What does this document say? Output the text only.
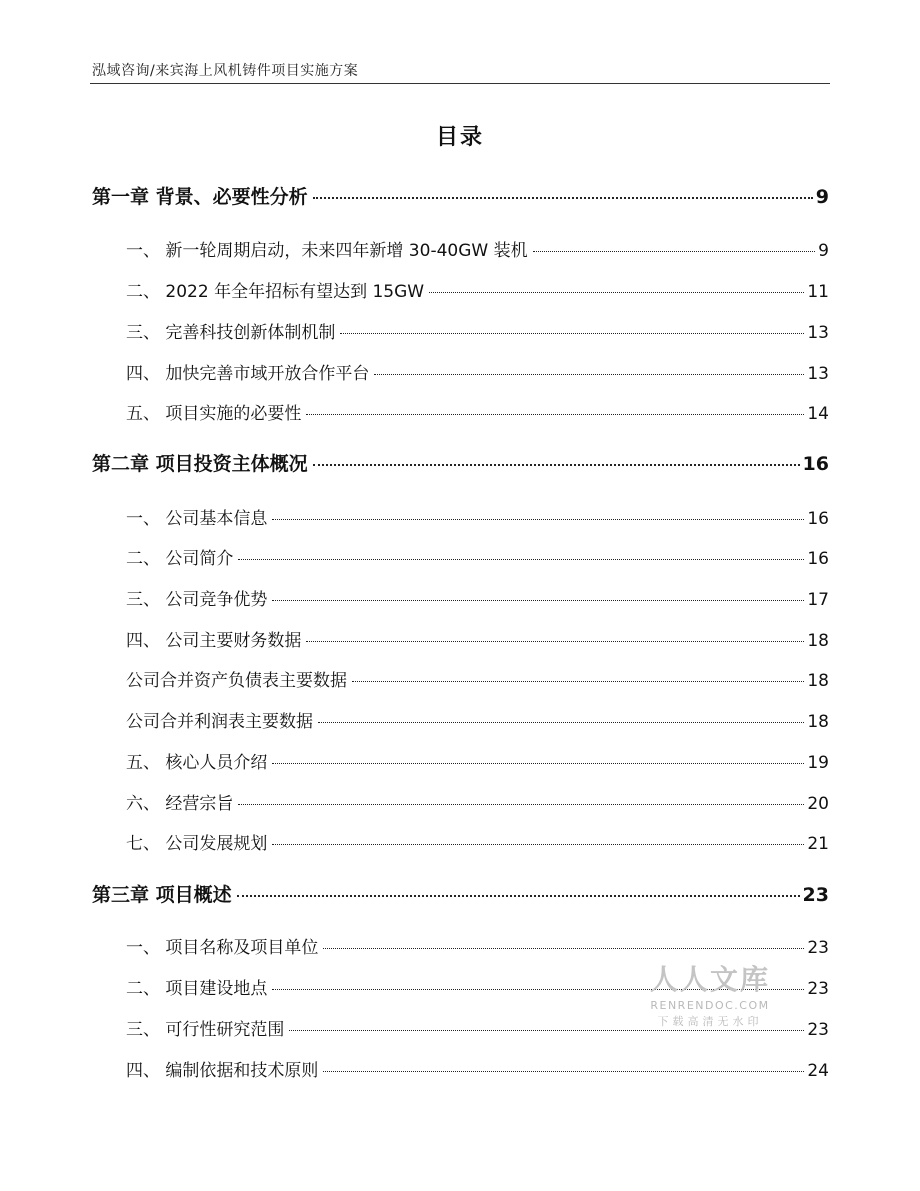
泓域咨询/来宾海上风机铸件项目实施方案
目录
第一章 背景、必要性分析	9
一、 新一轮周期启动，未来四年新增 30-40GW 装机	9
二、 2022 年全年招标有望达到 15GW	11
三、 完善科技创新体制机制	13
四、 加快完善市域开放合作平台	13
五、 项目实施的必要性	14
第二章 项目投资主体概况	16
一、 公司基本信息	16
二、 公司简介	16
三、 公司竞争优势	17
四、 公司主要财务数据	18
公司合并资产负债表主要数据	18
公司合并利润表主要数据	18
五、 核心人员介绍	19
六、 经营宗旨	20
七、 公司发展规划	21
第三章 项目概述	23
一、 项目名称及项目单位	23
二、 项目建设地点	23
三、 可行性研究范围	23
四、 编制依据和技术原则	24
人人文库
RENRENDOC.COM
下载高清无水印
